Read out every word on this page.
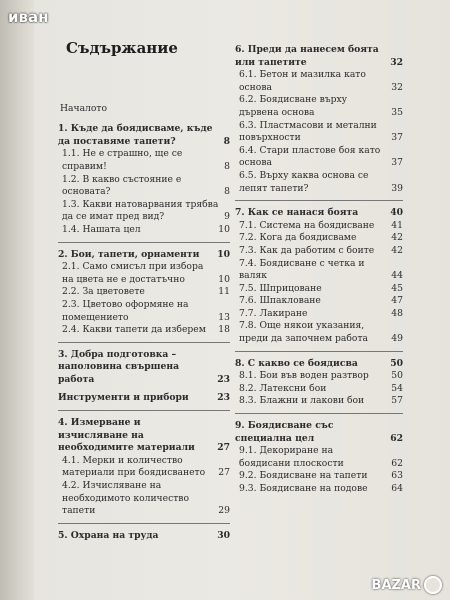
Съдържание
Началото
1. Къде да боядисваме, къде да поставяме тапети?	8
1.1. Не е страшно, ще се справим!	8
1.2. В какво състояние е основата?	8
1.3. Какви натоварвания трябва да се имат пред вид?	9
1.4. Нашата цел	10
2. Бои, тапети, орнаменти	10
2.1. Само смисъл при избора на цвета не е достатъчно	10
2.2. За цветовете	11
2.3. Цветово оформяне на помещението	13
2.4. Какви тапети да изберем	18
3. Добра подготовка – наполовина свършена работа	23
Инструменти и прибори	23
4. Измерване и изчисляване на необходимите материали	27
4.1. Мерки и количество материали при боядисването	27
4.2. Изчисляване на необходимото количество тапети	29
5. Охрана на труда	30
6. Преди да нанесем боята или тапетите	32
6.1. Бетон и мазилка като основа	32
6.2. Боядисване върху дървена основа	35
6.3. Пластмасови и метални повърхности	37
6.4. Стари пластове боя като основа	37
6.5. Върху каква основа се лепят тапети?	39
7. Как се нанася боята	40
7.1. Система на боядисване	41
7.2. Кога да боядисваме	42
7.3. Как да работим с боите	42
7.4. Боядисване с четка и валяк	44
7.5. Шприцоване	45
7.6. Шпакловане	47
7.7. Лакиране	48
7.8. Още някои указания, преди да започнем работа	49
8. С какво се боядисва	50
8.1. Бои във воден разтвор	50
8.2. Латексни бои	54
8.3. Блажни и лакови бои	57
9. Боядисване със специална цел	62
9.1. Декориране на боядисани плоскости	62
9.2. Боядисване на тапети	63
9.3. Боядисване на подове	64
иван
BAZAR
